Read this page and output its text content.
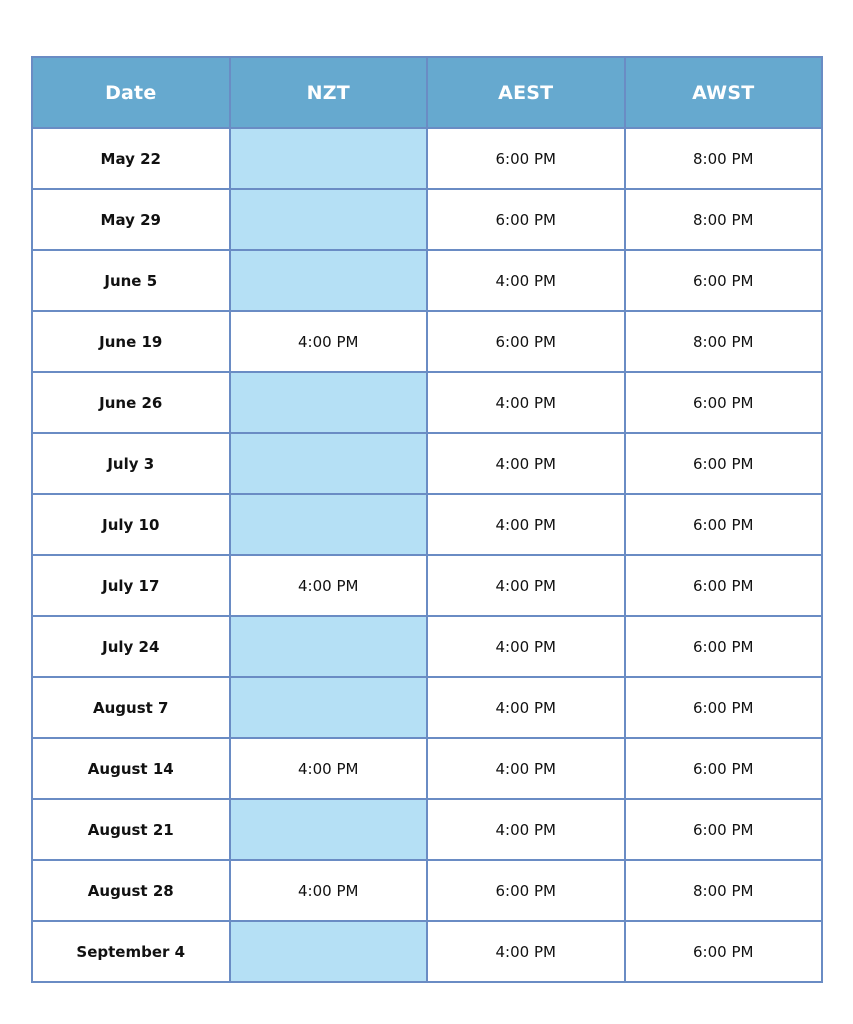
Date	NZT	AEST	AWST
May 22		6:00 PM	8:00 PM
May 29		6:00 PM	8:00 PM
June 5		4:00 PM	6:00 PM
June 19	4:00 PM	6:00 PM	8:00 PM
June 26		4:00 PM	6:00 PM
July 3		4:00 PM	6:00 PM
July 10		4:00 PM	6:00 PM
July 17	4:00 PM	4:00 PM	6:00 PM
July 24		4:00 PM	6:00 PM
August 7		4:00 PM	6:00 PM
August 14	4:00 PM	4:00 PM	6:00 PM
August 21		4:00 PM	6:00 PM
August 28	4:00 PM	6:00 PM	8:00 PM
September 4		4:00 PM	6:00 PM
